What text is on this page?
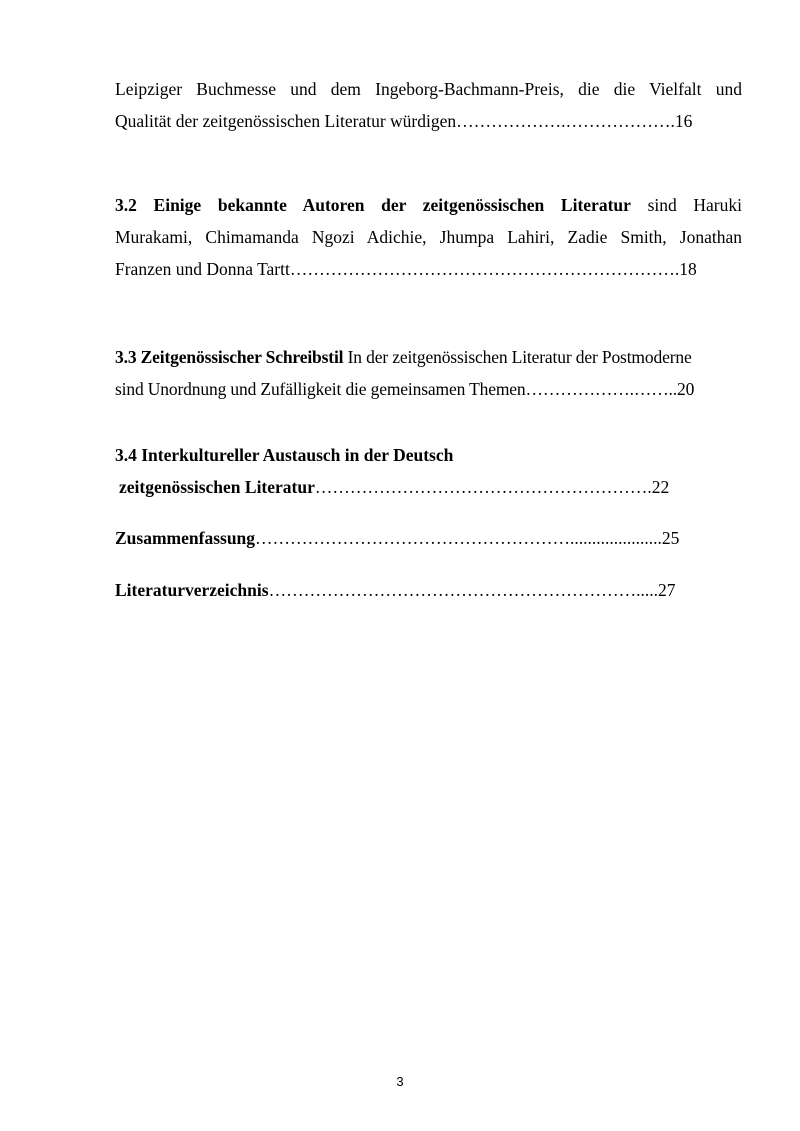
Leipziger Buchmesse und dem Ingeborg-Bachmann-Preis, die die Vielfalt und
Qualität der zeitgenössischen Literatur würdigen……………….……………….16
3.2 Einige bekannte Autoren der zeitgenössischen Literatur sind Haruki
Murakami, Chimamanda Ngozi Adichie, Jhumpa Lahiri, Zadie Smith, Jonathan
Franzen und Donna Tartt………………………………………………………….18
3.3 Zeitgenössischer Schreibstil In der zeitgenössischen Literatur der Postmoderne
sind Unordnung und Zufälligkeit die gemeinsamen Themen……………….……..20
3.4 Interkultureller Austausch in der Deutsch
zeitgenössischen Literatur………………………………………………….22
Zusammenfassung……………………………………………….....................25
Literaturverzeichnis……………………………………………………….....27
3
